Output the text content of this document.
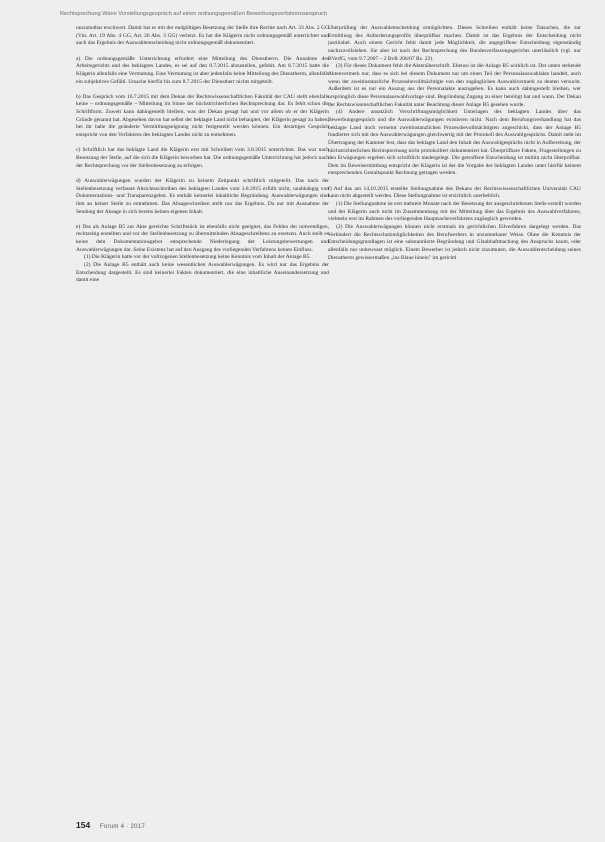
Rechtsprechung Wann Vorstellungsgespräch auf einen ordnungsgemäßen Bewerbungsverfahrensanspruch

unzumutbar erschwert. Damit hat es mit der endgültigen Besetzung der Stelle ihre Rechte nach Art. 33 Abs. 2 GG (Vm. Art. 19 Abs. 4 GG, Art. 20 Abs. 3 GG) verletzt. Es hat die Klägerin nicht ordnungsgemäß unterrichtet und auch das Ergebnis der Auswahlentscheidung nicht ordnungsgemäß dokumentiert.

a) Die ordnungsgemäße Unterrichtung erfordert eine Mitteilung des Dienstherrn. Die Annahme des Arbeitsgerichts und des beklagten Landes, es sei auf den 8.7.2015 abzustellen, gefehlt. Am 8.7.2015 hatte die Klägerin allenfalls eine Vermutung. Eine Vermutung ist aber jedenfalls keine Mitteilung des Dienstherrn, allenfalls ein subjektives Gefühl. Ursache hierfür bis zum 8.7.2015 der Dienstherr nichts mitgeteilt.

b) Das Gespräch vom 16.7.2015 mit dem Dekan der Rechtswissenschaftlichen Fakultät der CAU stellt ebenfalls keine – ordnungsgemäße – Mitteilung im Sinne der höchstrichterlichen Rechtsprechung dar. Es fehlt schon die Schriftform. Zuweit kann dahingestellt bleiben, was der Dekan gesagt hat und vor allem ob er der Klägerin Gründe genannt hat. Abgesehen davon hat selbst der beklagte Land nicht behauptet, der Klägerin gesagt zu haben, bei ihr habe die geänderte Vermittlungseignung nicht festgestellt werden können. Ein derartiges Gespräch entspricht von den Verfahrens des beklagten Landes nicht zu entnehmen.

c) Schriftlich hat das beklagte Land die Klägerin erst mit Schreiben vom 3.8.2015 unterrichtet. Das war nach Besetzung der Stelle, auf die sich die Klägerin beworben hat. Die ordnungsgemäße Unterrichtung hat jedoch nach der Rechtsprechung vor der Stellenbesetzung zu erfolgen.

d) Auswahlerwägungen wurden der Klägerin zu keinem Zeitpunkt schriftlich mitgeteilt. Das nach der Stellenbesetzung verfasste Absichtsschreiben des beklagten Landes vom 3.8.2015 erfüllt nicht, unabhängig von Dokumentations- und Transparenzgebot. Es enthält keinerlei inhaltliche Begründung. Auswahlerwägungen sind ihm an keiner Stelle zu entnehmen. Das Absageschreiben stellt nur das Ergebnis. Da nur mit Ausnahme der Sendung der Absage in sich bereits keinen eigenen Inhalt.

e) Das als Anlage B5 zur Akte gereichte Schriftstück ist ebenfalls nicht geeignet, das Fehlen der notwendigen, rechtzeitig erstellten und vor der Stellenbesetzung zu übermittelnden Absageschreibens zu ersetzen. Auch stellt es keine dem Dokumentationsgebot entsprechende Niederlegung der Leistungsbewertungen und Auswahlerwägungen dar. Seine Existenz hat auf den Ausgang des vorliegenden Verfahrens keinen Einfluss.

(1) Die Klägerin hatte vor der vollzogenen Stellenbesetzung keine Kenntnis vom Inhalt der Anlage B5.

(2) Die Anlage B5 enthält auch keine wesentlichen Auswahlerwägungen. Es wird nur das Ergebnis der Entscheidung dargestellt. Es sind keinerlei Fakten dokumentiert, die eine inhaltliche Auseinandersetzung und damit eine

Überprüfung der Auswahlentscheidung ermöglichten. Dieses Schreiben enthält keine Tatsachen, die zur Ermittlung des Anforderungsprofils überprüfbar machen. Damit ist das Ergebnis der Entscheidung nicht justitiabel. Auch einem Gericht fehlt damit jede Möglichkeit, die angegriffene Entscheidung eigenständig nachzuvollziehen. Sie aber ist nach der Rechtsprechung des Bundesverfassungsgerichts unerlässlich (vgl. nur BVerfG, vom 9.7.2007 – 2 BvR 206/07 Rz. 22).

(3) Für dieses Dokument fehlt die Aktenüberschrift. Ebenso ist die Anlage B5 wirklich ist. Der unten stehende Aktenvermerk nur, dass es sich bei diesem Dokument nur um einen Teil der Personalauswahlakte handelt, auch wenn der zweitinstanzliche Prozessbevollmächtigte von den zugänglichen Auswahlvermerk zu deuten versucht. Außerdem ist es nur ein Auszug aus der Personalakte auszugeben. Es kann auch dahingestellt bleiben, wer ursprünglich diese Personalauswahlvorlage sind. Begründung Zugang zu einer benötigt hat und wann. Der Dekan der Rechtswissenschaftlichen Fakultät unter Beachtung dieser Anlage B5 gesehen wurde.

(4) Andere ansatzlich Verschriftungsmöglichkeit Unterlagen des beklagten Landes über das Bewerbungsgespräch und die Auswahlerwägungen existieren nicht. Nach dem Berufungsverhandlung hat das beklagte Land doch verneint zweitinstanzlichen Prozessbevollmächtigten angeschickt, dass der Anlage B5 fundierter sich mit den Auswahlerwägungen gleichwertig mit der Protokoll des Auswahlgesprächs. Damit steht im Übertragung der Kammer fest, dass das beklagte Land den Inhalt des Auswahlgesprächs nicht in Aufbereitung, der höchstrichterlichen Rechtsprechung nicht protokolliert dokumentiert hat. Überprüfbare Fakten, Fragestellungen zu den Erwägungen ergeben sich schriftlich niedergelegt. Die getroffene Entscheidung ist mithin nicht überprüfbar. Dem im Beweisermittlung entspricht der Klägerin ist der die Vorgabe der beklagten Landes unter hierfür keinem entsprechenden Gestaltspunkt Rechnung getragen werden.

f) Auf das am 14.10.2015 erstellte Stellungnahme des Dekans der Rechtswissenschaftlichen Universität CAU kann nicht abgestellt werden. Diese Stellungnahme ist ersichtlich unerheblich.

(1) Die Stellungnahme ist erst mehrere Monate nach der Besetzung der ausgeschriebenen Stelle erstellt worden und der Klägerin auch nicht im Zusammenhang mit der Mitteilung über das Ergebnis des Auswahlverfahrens, vielmehr erst im Rahmen des vorliegenden Hauptsacheverfahrens zugänglich geworden.

(2) Die Auswahlerwägungen können nicht erstmals im gerichtlichen Eilverfahren dargelegt werden. Das Verhindert die Rechtsschutzmöglichkeiten des Berufwerbers in unzumutbarer Weise. Ohne die Kenntnis der Entscheidungsgrundlagen ist eine substantiierte Begründung und Glaubhaftmachung des Anspruchs kaum, oder allenfalls nur unbewusst möglich. Einem Bewerber ist jedoch nicht zuzumuten, die Auswahlentscheidung seines Dienstherrn gewissermaßen „ins Blaue hinein" im gerichtl

154 Forum 4 · 2017
